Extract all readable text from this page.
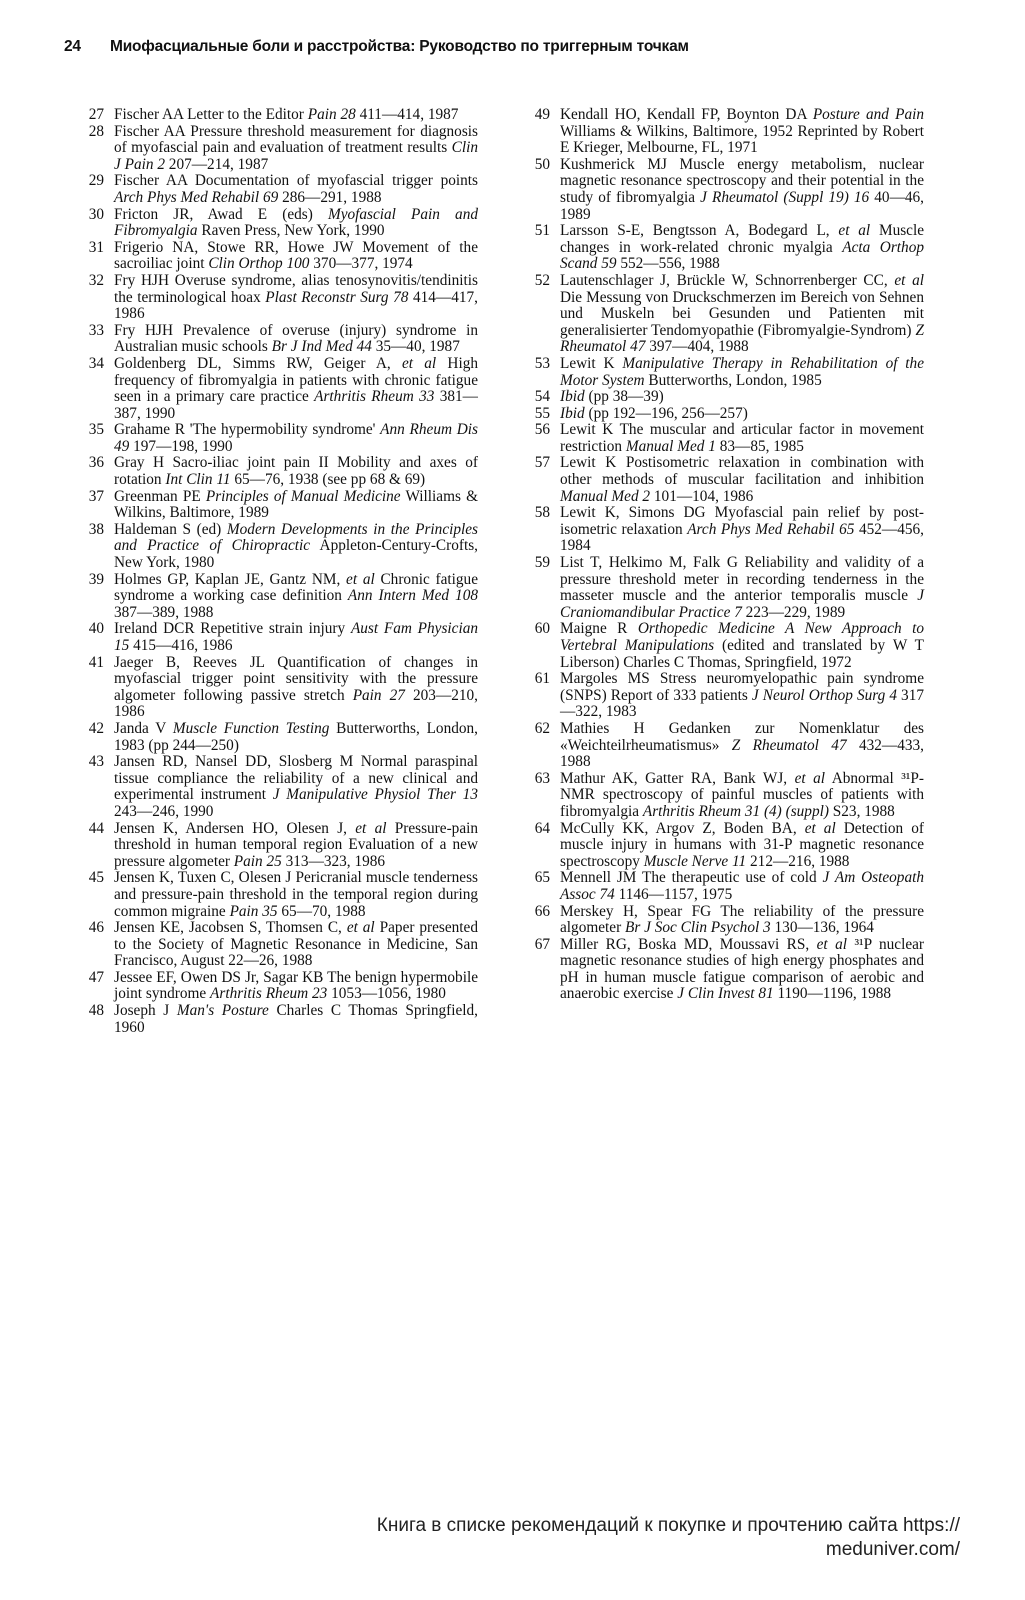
24 Миофасциальные боли и расстройства: Руководство по триггерным точкам

27 Fischer AA Letter to the Editor Pain 28 411—414, 1987

28 Fischer AA Pressure threshold measurement for diagnosis of myofascial pain and evaluation of treatment results Clin J Pain 2 207—214, 1987

29 Fischer AA Documentation of myofascial trigger points Arch Phys Med Rehabil 69 286—291, 1988

30 Fricton JR, Awad E (eds) Myofascial Pain and Fibromyalgia Raven Press, New York, 1990

31 Frigerio NA, Stowe RR, Howe JW Movement of the sacroiliac joint Clin Orthop 100 370—377, 1974

32 Fry HJH Overuse syndrome, alias tenosynovitis/tendinitis the terminological hoax Plast Reconstr Surg 78 414—417, 1986

33 Fry HJH Prevalence of overuse (injury) syndrome in Australian music schools Br J Ind Med 44 35—40, 1987

34 Goldenberg DL, Simms RW, Geiger A, et al High frequency of fibromyalgia in patients with chronic fatigue seen in a primary care practice Arthritis Rheum 33 381—387, 1990

35 Grahame R 'The hypermobility syndrome' Ann Rheum Dis 49 197—198, 1990

36 Gray H Sacro-iliac joint pain II Mobility and axes of rotation Int Clin 11 65—76, 1938 (see pp 68 & 69)

37 Greenman PE Principles of Manual Medicine Williams & Wilkins, Baltimore, 1989

38 Haldeman S (ed) Modern Developments in the Principles and Practice of Chiropractic Appleton-Century-Crofts, New York, 1980

39 Holmes GP, Kaplan JE, Gantz NM, et al Chronic fatigue syndrome a working case definition Ann Intern Med 108 387—389, 1988

40 Ireland DCR Repetitive strain injury Aust Fam Physician 15 415—416, 1986

41 Jaeger B, Reeves JL Quantification of changes in myofascial trigger point sensitivity with the pressure algometer following passive stretch Pain 27 203—210, 1986

42 Janda V Muscle Function Testing Butterworths, London, 1983 (pp 244—250)

43 Jansen RD, Nansel DD, Slosberg M Normal paraspinal tissue compliance the reliability of a new clinical and experimental instrument J Manipulative Physiol Ther 13 243—246, 1990

44 Jensen K, Andersen HO, Olesen J, et al Pressure-pain threshold in human temporal region Evaluation of a new pressure algometer Pain 25 313—323, 1986

45 Jensen K, Tuxen C, Olesen J Pericranial muscle tenderness and pressure-pain threshold in the temporal region during common migraine Pain 35 65—70, 1988

46 Jensen KE, Jacobsen S, Thomsen C, et al Paper presented to the Society of Magnetic Resonance in Medicine, San Francisco, August 22—26, 1988

47 Jessee EF, Owen DS Jr, Sagar KB The benign hypermobile joint syndrome Arthritis Rheum 23 1053—1056, 1980

48 Joseph J Man's Posture Charles C Thomas Springfield, 1960

49 Kendall HO, Kendall FP, Boynton DA Posture and Pain Williams & Wilkins, Baltimore, 1952 Reprinted by Robert E Krieger, Melbourne, FL, 1971

50 Kushmerick MJ Muscle energy metabolism, nuclear magnetic resonance spectroscopy and their potential in the study of fibromyalgia J Rheumatol (Suppl 19) 16 40—46, 1989

51 Larsson S-E, Bengtsson A, Bodegard L, et al Muscle changes in work-related chronic myalgia Acta Orthop Scand 59 552—556, 1988

52 Lautenschlager J, Brückle W, Schnorrenberger CC, et al Die Messung von Druckschmerzen im Bereich von Sehnen und Muskeln bei Gesunden und Patienten mit generalisierter Tendomyopathie (Fibromyalgie-Syndrom) Z Rheumatol 47 397—404, 1988

53 Lewit K Manipulative Therapy in Rehabilitation of the Motor System Butterworths, London, 1985

54 Ibid (pp 38—39)

55 Ibid (pp 192—196, 256—257)

56 Lewit K The muscular and articular factor in movement restriction Manual Med 1 83—85, 1985

57 Lewit K Postisometric relaxation in combination with other methods of muscular facilitation and inhibition Manual Med 2 101—104, 1986

58 Lewit K, Simons DG Myofascial pain relief by post-isometric relaxation Arch Phys Med Rehabil 65 452—456, 1984

59 List T, Helkimo M, Falk G Reliability and validity of a pressure threshold meter in recording tenderness in the masseter muscle and the anterior temporalis muscle J Craniomandibular Practice 7 223—229, 1989

60 Maigne R Orthopedic Medicine A New Approach to Vertebral Manipulations (edited and translated by W T Liberson) Charles C Thomas, Springfield, 1972

61 Margoles MS Stress neuromyelopathic pain syndrome (SNPS) Report of 333 patients J Neurol Orthop Surg 4 317—322, 1983

62 Mathies H Gedanken zur Nomenklatur des «Weichteilrheumatismus» Z Rheumatol 47 432—433, 1988

63 Mathur AK, Gatter RA, Bank WJ, et al Abnormal ³¹P-NMR spectroscopy of painful muscles of patients with fibromyalgia Arthritis Rheum 31 (4) (suppl) S23, 1988

64 McCully KK, Argov Z, Boden BA, et al Detection of muscle injury in humans with 31-P magnetic resonance spectroscopy Muscle Nerve 11 212—216, 1988

65 Mennell JM The therapeutic use of cold J Am Osteopath Assoc 74 1146—1157, 1975

66 Merskey H, Spear FG The reliability of the pressure algometer Br J Soc Clin Psychol 3 130—136, 1964

67 Miller RG, Boska MD, Moussavi RS, et al ³¹P nuclear magnetic resonance studies of high energy phosphates and pH in human muscle fatigue comparison of aerobic and anaerobic exercise J Clin Invest 81 1190—1196, 1988

Книга в списке рекомендаций к покупке и прочтению сайта https://
meduniver.com/
